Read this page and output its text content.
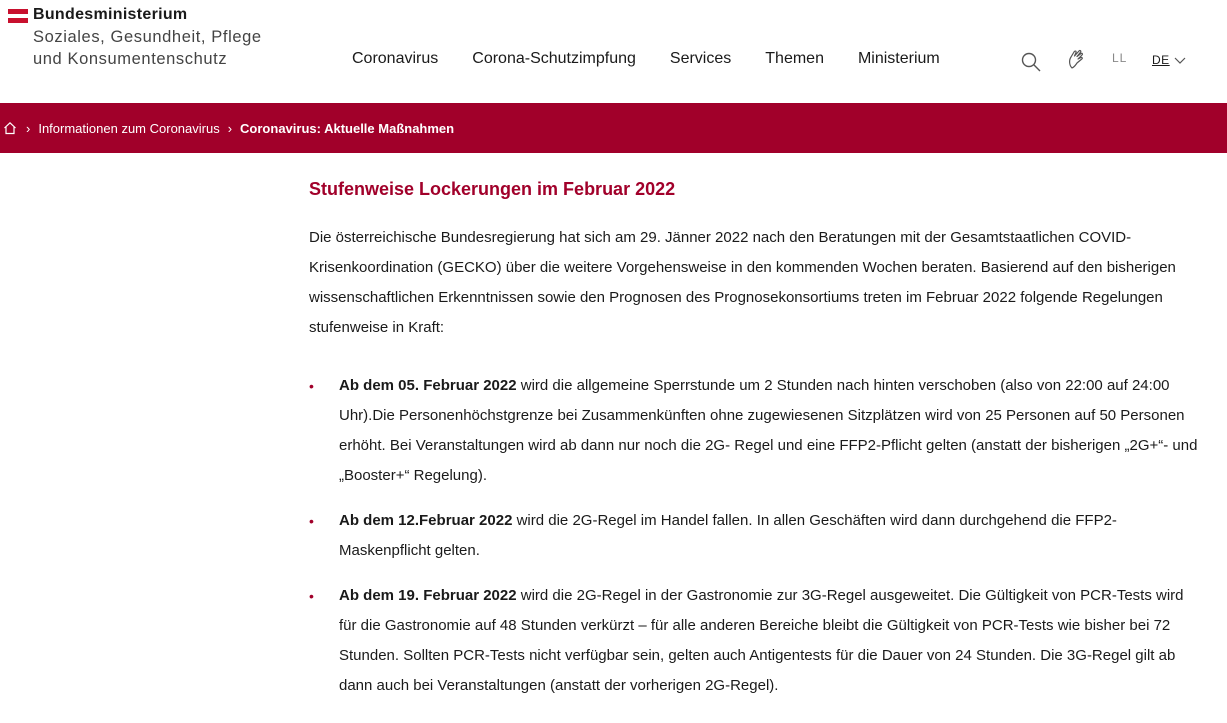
Bundesministerium
Soziales, Gesundheit, Pflege
und Konsumentenschutz	Coronavirus Corona-Schutzimpfung Services Themen Ministerium	LL DE
› Informationen zum Coronavirus › Coronavirus: Aktuelle Maßnahmen
Stufenweise Lockerungen im Februar 2022

Die österreichische Bundesregierung hat sich am 29. Jänner 2022 nach den Beratungen mit der Gesamtstaatlichen COVID-Krisenkoordination (GECKO) über die weitere Vorgehensweise in den kommenden Wochen beraten. Basierend auf den bisherigen wissenschaftlichen Erkenntnissen sowie den Prognosen des Prognosekonsortiums treten im Februar 2022 folgende Regelungen stufenweise in Kraft:

• Ab dem 05. Februar 2022 wird die allgemeine Sperrstunde um 2 Stunden nach hinten verschoben (also von 22:00 auf 24:00 Uhr).Die Personenhöchstgrenze bei Zusammenkünften ohne zugewiesenen Sitzplätzen wird von 25 Personen auf 50 Personen erhöht. Bei Veranstaltungen wird ab dann nur noch die 2G- Regel und eine FFP2-Pflicht gelten (anstatt der bisherigen „2G+“- und „Booster+“ Regelung).
• Ab dem 12.Februar 2022 wird die 2G-Regel im Handel fallen. In allen Geschäften wird dann durchgehend die FFP2-Maskenpflicht gelten.
• Ab dem 19. Februar 2022 wird die 2G-Regel in der Gastronomie zur 3G-Regel ausgeweitet. Die Gültigkeit von PCR-Tests wird für die Gastronomie auf 48 Stunden verkürzt – für alle anderen Bereiche bleibt die Gültigkeit von PCR-Tests wie bisher bei 72 Stunden. Sollten PCR-Tests nicht verfügbar sein, gelten auch Antigentests für die Dauer von 24 Stunden. Die 3G-Regel gilt ab dann auch bei Veranstaltungen (anstatt der vorherigen 2G-Regel).
